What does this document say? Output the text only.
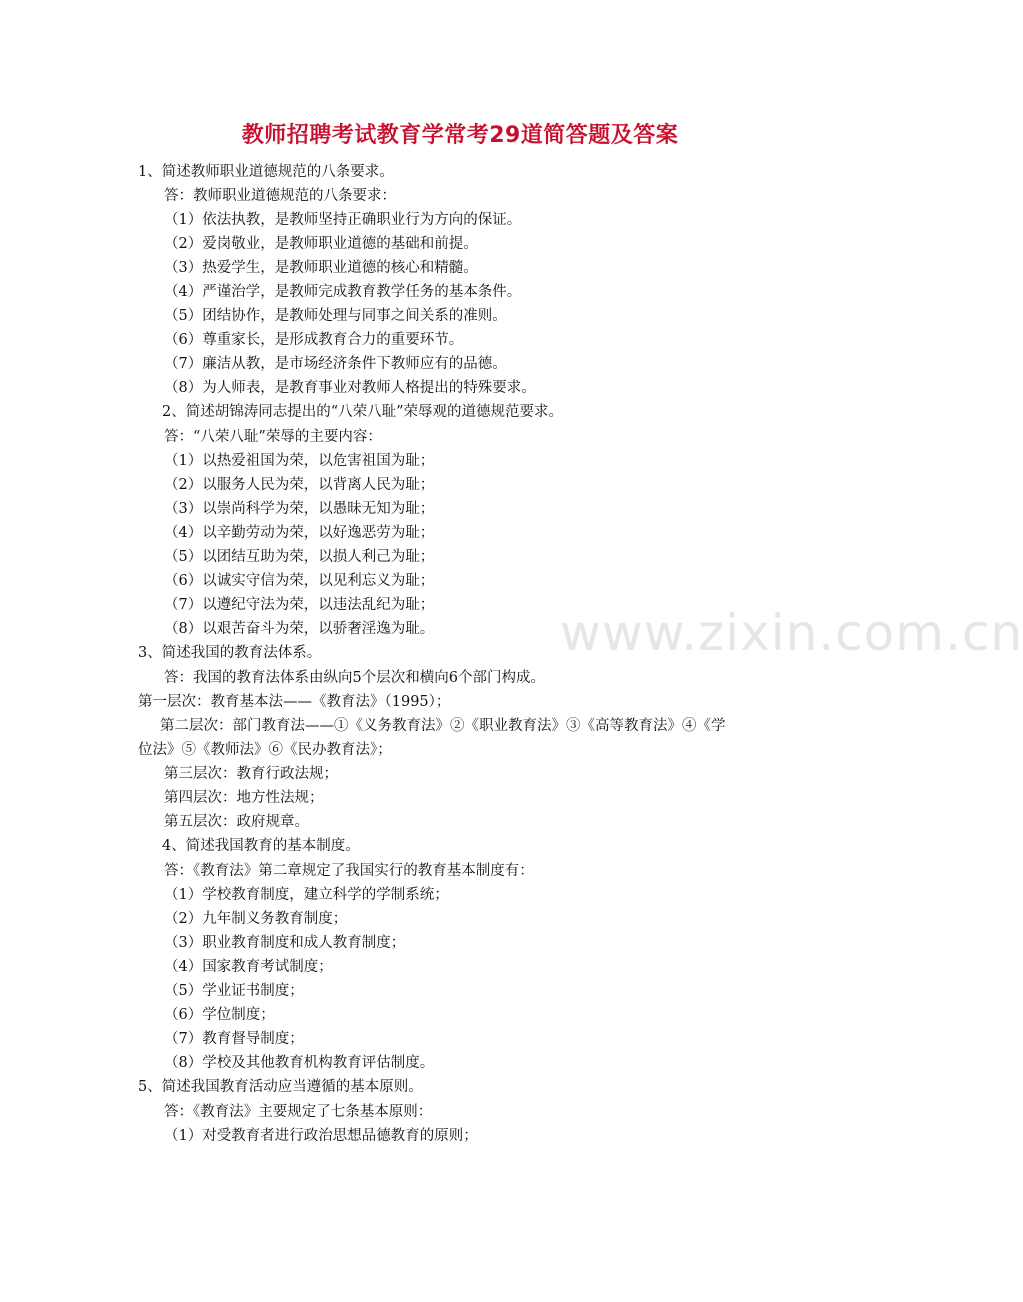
www.zixin.com.cn
教师招聘考试教育学常考29道简答题及答案
1、简述教师职业道德规范的八条要求。
答：教师职业道德规范的八条要求：
（1）依法执教，是教师坚持正确职业行为方向的保证。
（2）爱岗敬业，是教师职业道德的基础和前提。
（3）热爱学生，是教师职业道德的核心和精髓。
（4）严谨治学，是教师完成教育教学任务的基本条件。
（5）团结协作，是教师处理与同事之间关系的准则。
（6）尊重家长，是形成教育合力的重要环节。
（7）廉洁从教，是市场经济条件下教师应有的品德。
（8）为人师表，是教育事业对教师人格提出的特殊要求。
2、简述胡锦涛同志提出的“八荣八耻”荣辱观的道德规范要求。
答：“八荣八耻”荣辱的主要内容：
（1）以热爱祖国为荣，以危害祖国为耻；
（2）以服务人民为荣，以背离人民为耻；
（3）以崇尚科学为荣，以愚昧无知为耻；
（4）以辛勤劳动为荣，以好逸恶劳为耻；
（5）以团结互助为荣，以损人利己为耻；
（6）以诚实守信为荣，以见利忘义为耻；
（7）以遵纪守法为荣，以违法乱纪为耻；
（8）以艰苦奋斗为荣，以骄奢淫逸为耻。
3、简述我国的教育法体系。
答：我国的教育法体系由纵向5个层次和横向6个部门构成。
第一层次：教育基本法——《教育法》（1995）；
第二层次：部门教育法——①《义务教育法》②《职业教育法》③《高等教育法》④《学
位法》⑤《教师法》⑥《民办教育法》；
第三层次：教育行政法规；
第四层次：地方性法规；
第五层次：政府规章。
4、简述我国教育的基本制度。
答：《教育法》第二章规定了我国实行的教育基本制度有：
（1）学校教育制度，建立科学的学制系统；
（2）九年制义务教育制度；
（3）职业教育制度和成人教育制度；
（4）国家教育考试制度；
（5）学业证书制度；
（6）学位制度；
（7）教育督导制度；
（8）学校及其他教育机构教育评估制度。
5、简述我国教育活动应当遵循的基本原则。
答：《教育法》主要规定了七条基本原则：
（1）对受教育者进行政治思想品德教育的原则；
